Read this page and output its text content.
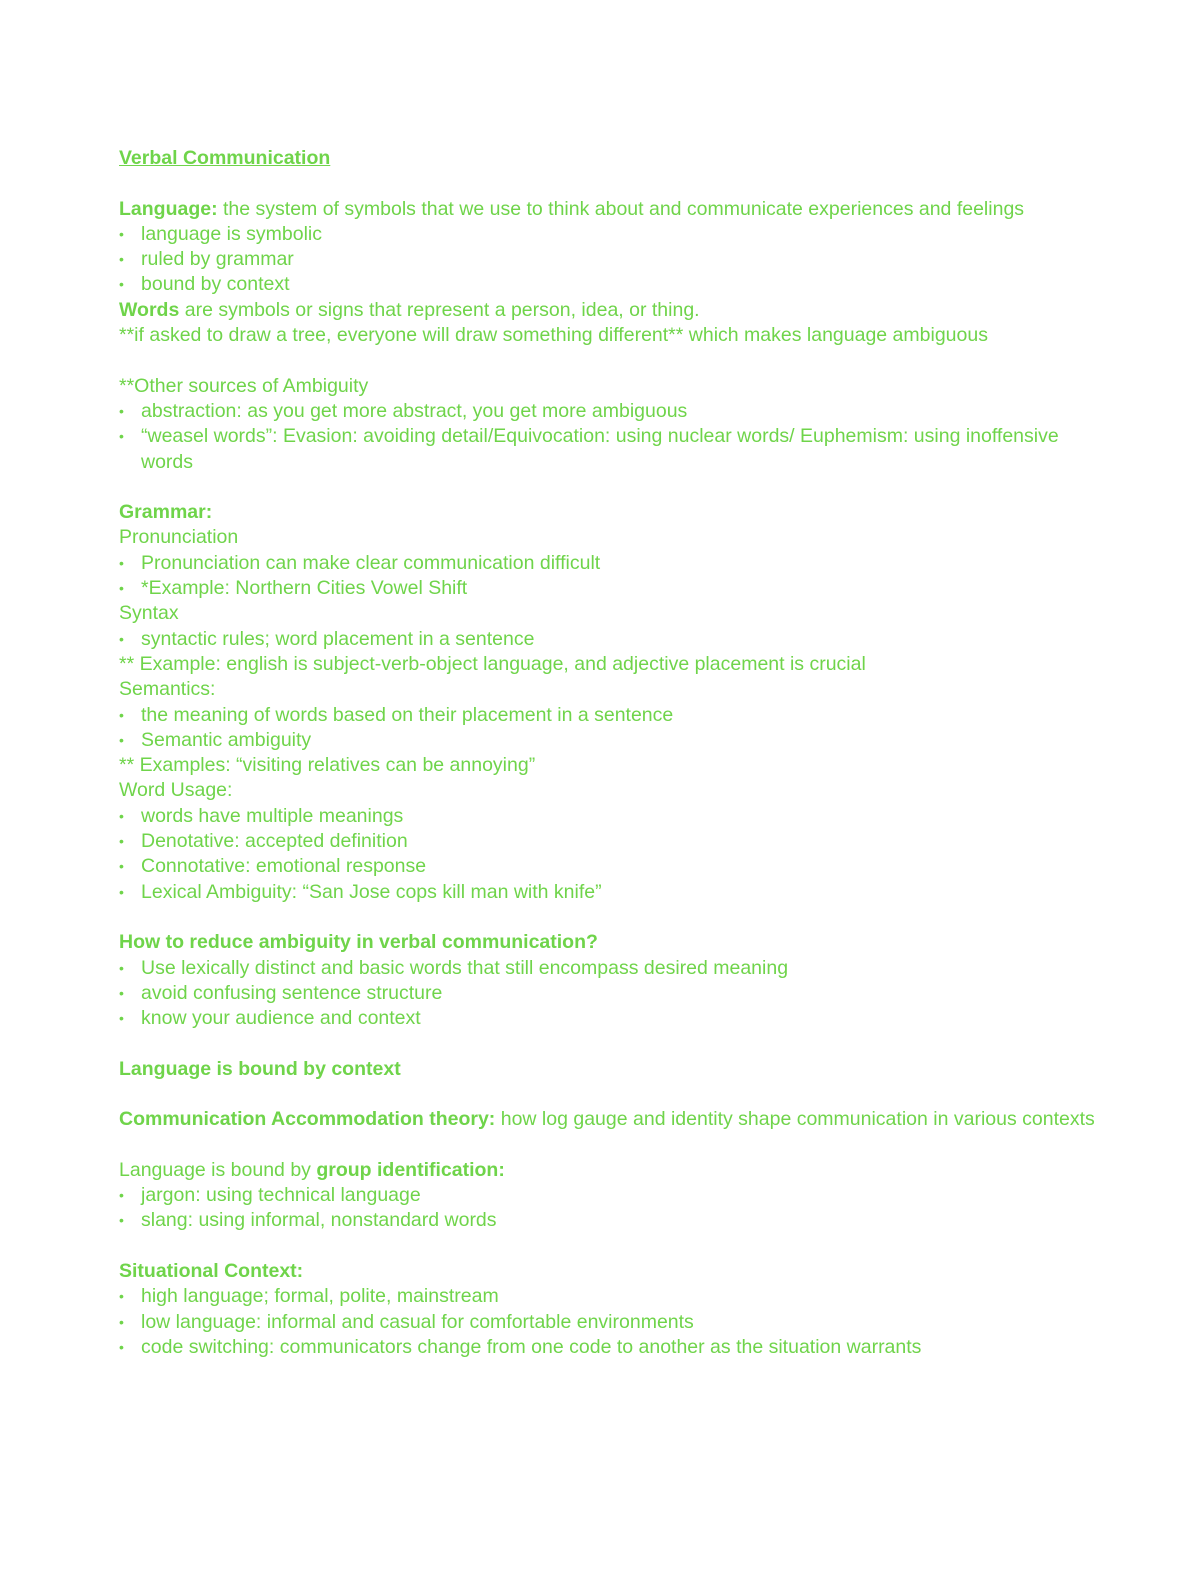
Verbal Communication
Language: the system of symbols that we use to think about and communicate experiences and feelings
• language is symbolic
• ruled by grammar
• bound by context
Words are symbols or signs that represent a person, idea, or thing.
**if asked to draw a tree, everyone will draw something different** which makes language ambiguous
**Other sources of Ambiguity
• abstraction: as you get more abstract, you get more ambiguous
• “weasel words”: Evasion: avoiding detail/Equivocation: using nuclear words/ Euphemism: using inoffensive words
Grammar:
Pronunciation
• Pronunciation can make clear communication difficult
• *Example: Northern Cities Vowel Shift
Syntax
• syntactic rules; word placement in a sentence
** Example: english is subject-verb-object language, and adjective placement is crucial
Semantics:
• the meaning of words based on their placement in a sentence
• Semantic ambiguity
** Examples: “visiting relatives can be annoying”
Word Usage:
• words have multiple meanings
• Denotative: accepted definition
• Connotative: emotional response
• Lexical Ambiguity: “San Jose cops kill man with knife”
How to reduce ambiguity in verbal communication?
• Use lexically distinct and basic words that still encompass desired meaning
• avoid confusing sentence structure
• know your audience and context
Language is bound by context
Communication Accommodation theory: how log gauge and identity shape communication in various contexts
Language is bound by group identification:
• jargon: using technical language
• slang: using informal, nonstandard words
Situational Context:
• high language; formal, polite, mainstream
• low language: informal and casual for comfortable environments
• code switching: communicators change from one code to another as the situation warrants
